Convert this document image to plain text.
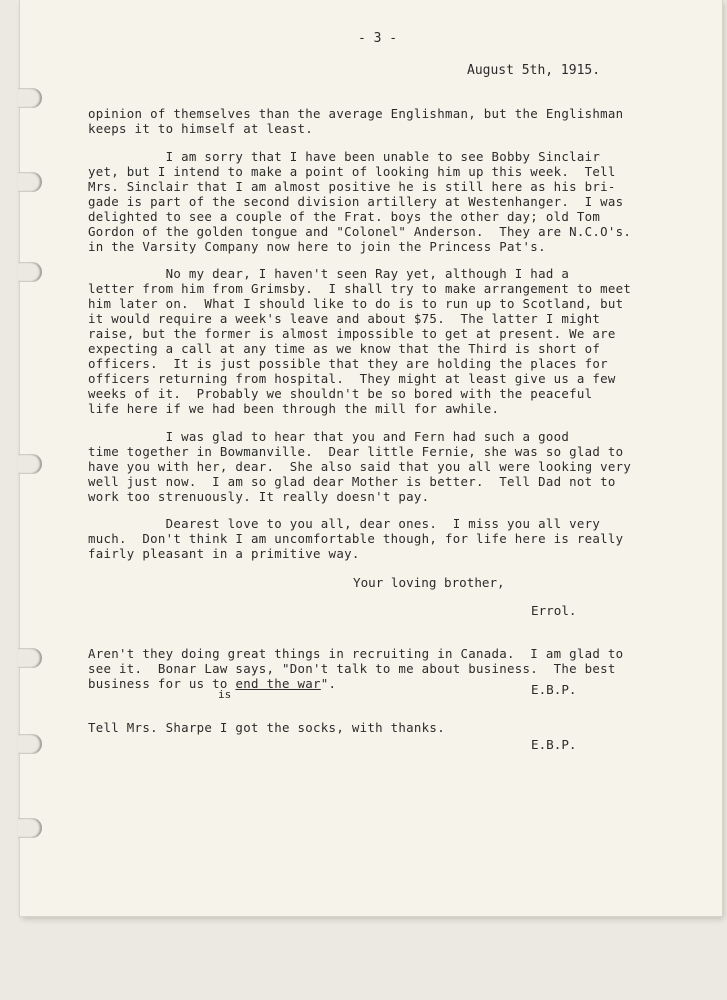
- 3 -
August 5th, 1915.
opinion of themselves than the average Englishman, but the Englishman
keeps it to himself at least.
I am sorry that I have been unable to see Bobby Sinclair
yet, but I intend to make a point of looking him up this week.  Tell
Mrs. Sinclair that I am almost positive he is still here as his bri-
gade is part of the second division artillery at Westenhanger.  I was
delighted to see a couple of the Frat. boys the other day; old Tom
Gordon of the golden tongue and "Colonel" Anderson.  They are N.C.O's.
in the Varsity Company now here to join the Princess Pat's.
No my dear, I haven't seen Ray yet, although I had a
letter from him from Grimsby.  I shall try to make arrangement to meet
him later on.  What I should like to do is to run up to Scotland, but
it would require a week's leave and about $75.  The latter I might
raise, but the former is almost impossible to get at present. We are
expecting a call at any time as we know that the Third is short of
officers.  It is just possible that they are holding the places for
officers returning from hospital.  They might at least give us a few
weeks of it.  Probably we shouldn't be so bored with the peaceful
life here if we had been through the mill for awhile.
I was glad to hear that you and Fern had such a good
time together in Bowmanville.  Dear little Fernie, she was so glad to
have you with her, dear.  She also said that you all were looking very
well just now.  I am so glad dear Mother is better.  Tell Dad not to
work too strenuously. It really doesn't pay.
Dearest love to you all, dear ones.  I miss you all very
much.  Don't think I am uncomfortable though, for life here is really
fairly pleasant in a primitive way.
Your loving brother,
Errol.
Aren't they doing great things in recruiting in Canada.  I am glad to
see it.  Bonar Law says, "Don't talk to me about business.  The best
business for us to end the war".
is	E.B.P.
Tell Mrs. Sharpe I got the socks, with thanks.
E.B.P.
